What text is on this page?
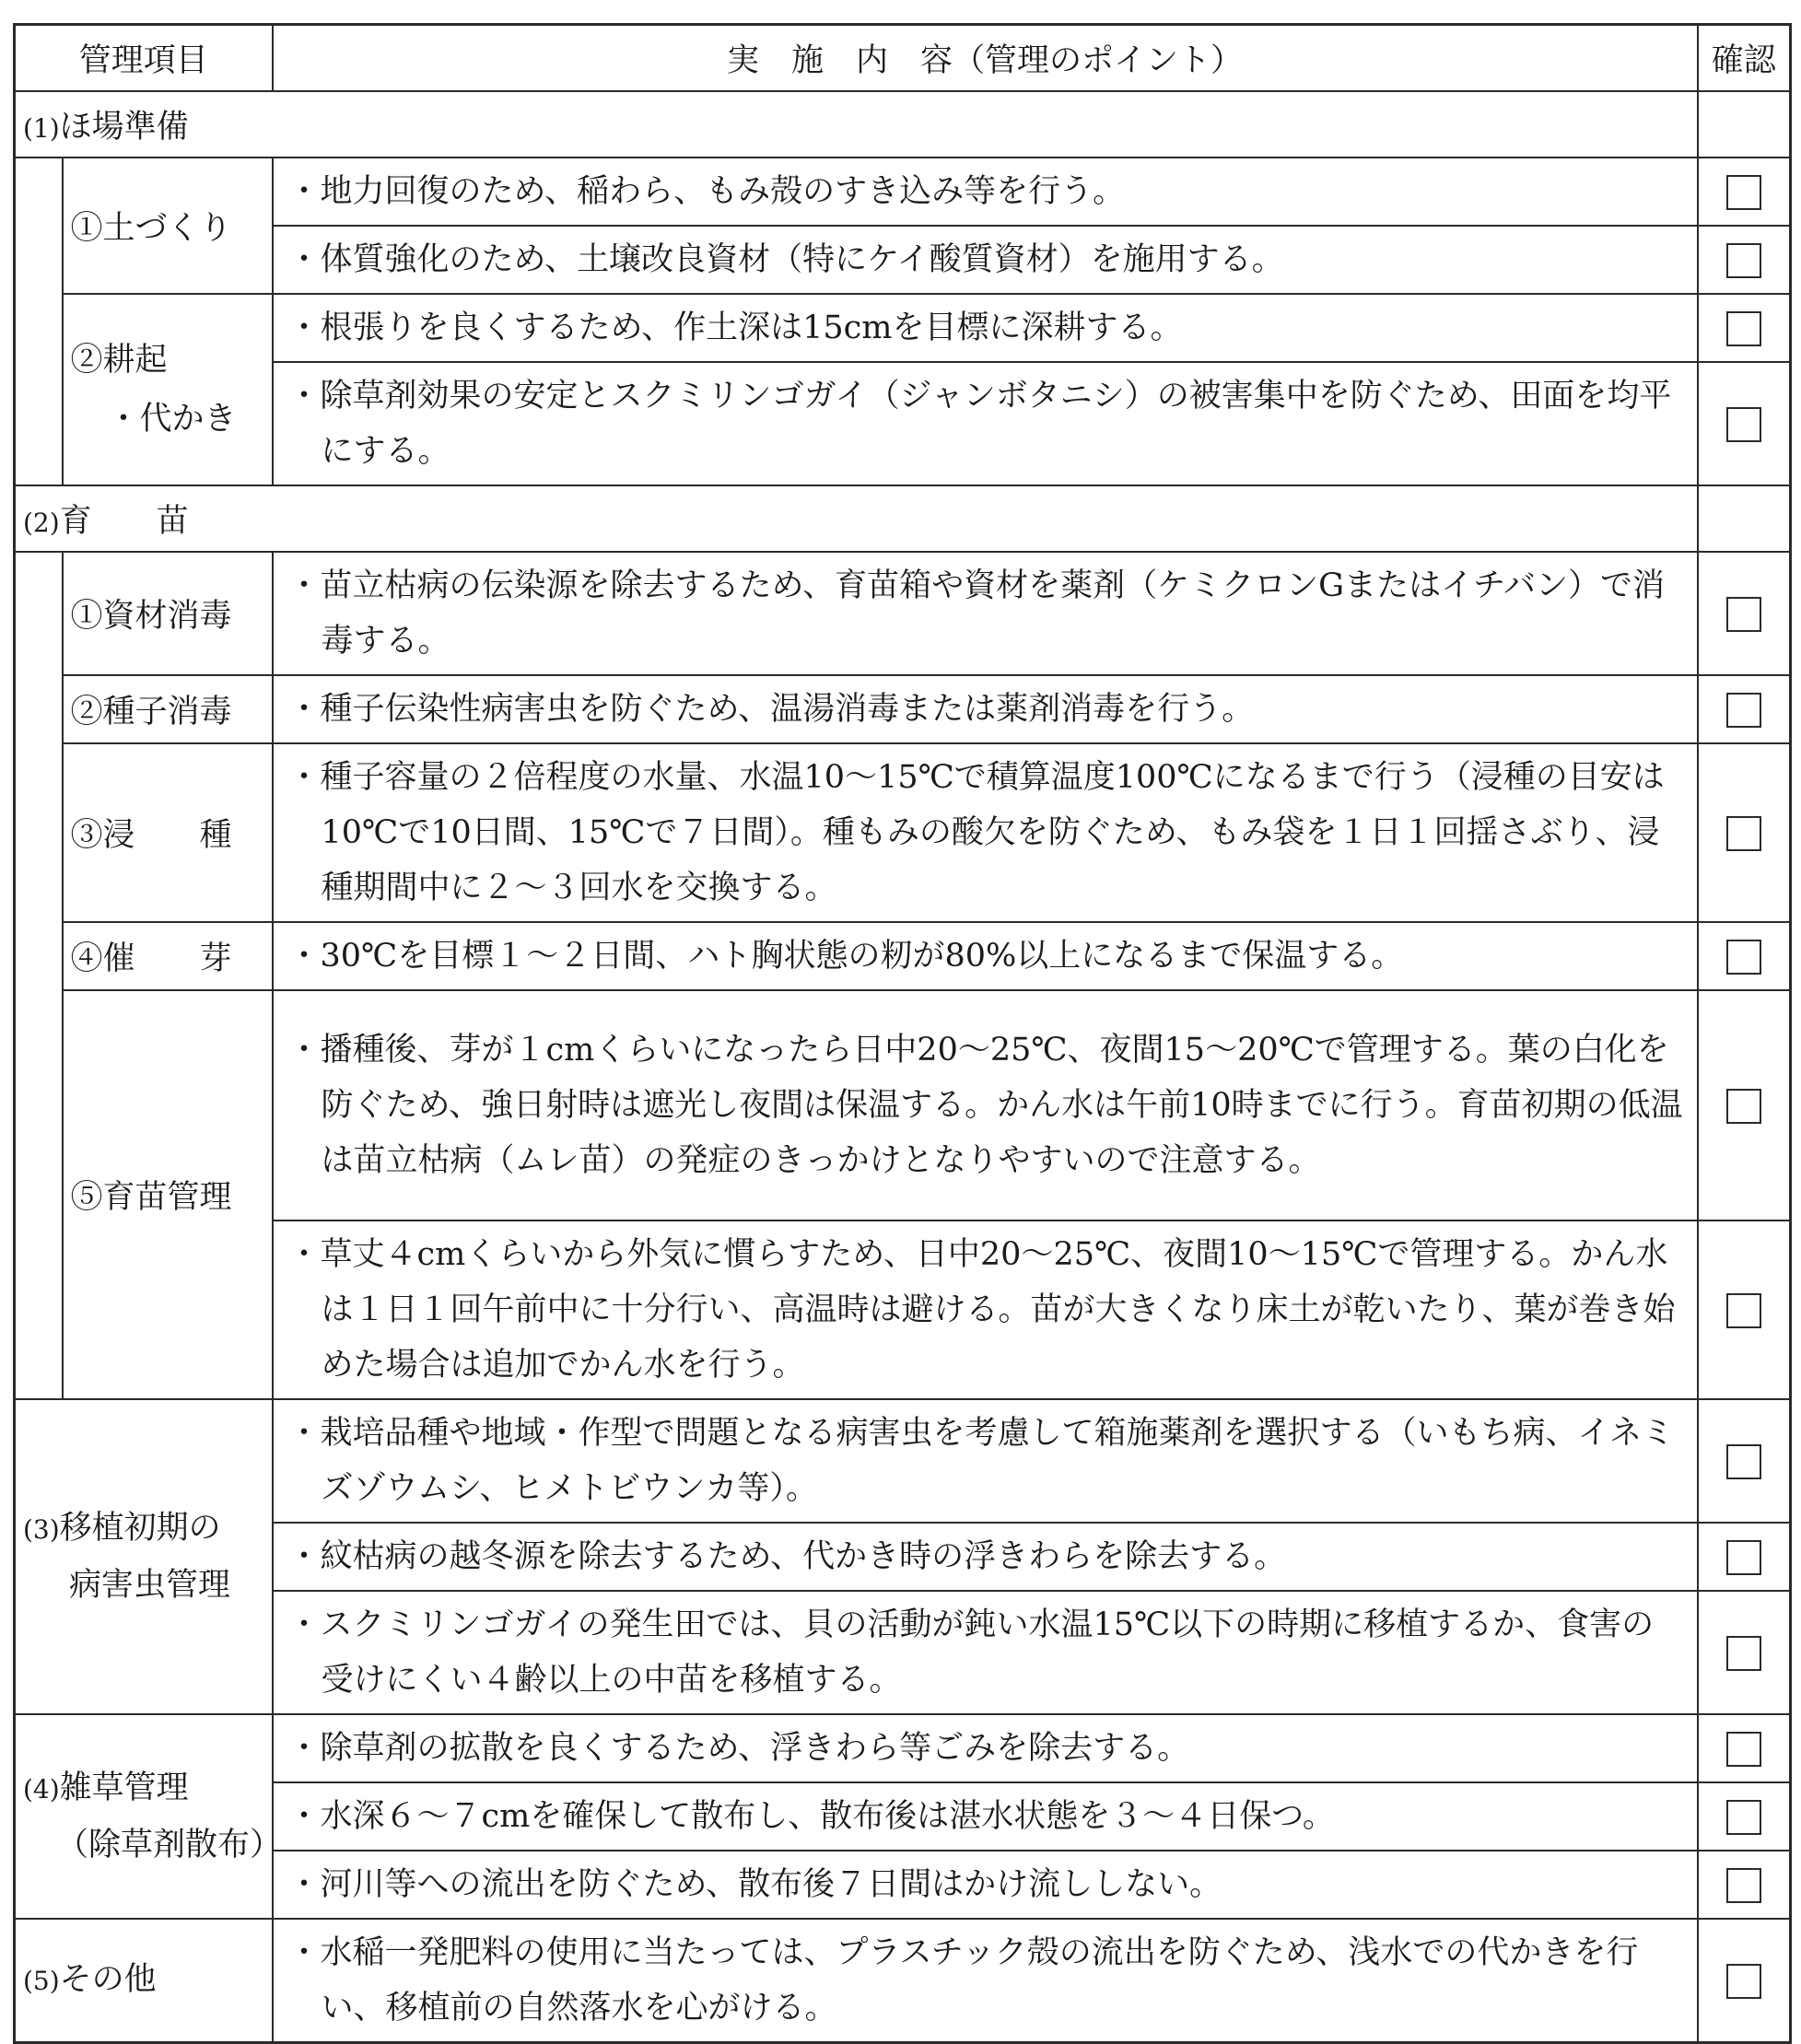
管理項目		実　施　内　容（管理のポイント）	確認
(1)ほ場準備			
	①土づくり	・地力回復のため、稲わら、もみ殻のすき込み等を行う。	

		・体質強化のため、土壌改良資材（特にケイ酸質資材）を施用する。	

	②耕起
・代かき	・根張りを良くするため、作土深は15cmを目標に深耕する。	

		・除草剤効果の安定とスクミリンゴガイ（ジャンボタニシ）の被害集中を防ぐため、田面を均平にする。	

(2)育　　苗			
	①資材消毒	・苗立枯病の伝染源を除去するため、育苗箱や資材を薬剤（ケミクロンGまたはイチバン）で消毒する。	

	②種子消毒	・種子伝染性病害虫を防ぐため、温湯消毒または薬剤消毒を行う。	

	③浸　　種	・種子容量の２倍程度の水量、水温10～15℃で積算温度100℃になるまで行う（浸種の目安は10℃で10日間、15℃で７日間）。種もみの酸欠を防ぐため、もみ袋を１日１回揺さぶり、浸種期間中に２～３回水を交換する。	

	④催　　芽	・30℃を目標１～２日間、ハト胸状態の籾が80%以上になるまで保温する。	

	⑤育苗管理	・播種後、芽が１cmくらいになったら日中20～25℃、夜間15～20℃で管理する。葉の白化を防ぐため、強日射時は遮光し夜間は保温する。かん水は午前10時までに行う。育苗初期の低温は苗立枯病（ムレ苗）の発症のきっかけとなりやすいので注意する。	

		・草丈４cmくらいから外気に慣らすため、日中20～25℃、夜間10～15℃で管理する。かん水は１日１回午前中に十分行い、高温時は避ける。苗が大きくなり床土が乾いたり、葉が巻き始めた場合は追加でかん水を行う。	

(3)移植初期の
病害虫管理		・栽培品種や地域・作型で問題となる病害虫を考慮して箱施薬剤を選択する（いもち病、イネミズゾウムシ、ヒメトビウンカ等）。	

		・紋枯病の越冬源を除去するため、代かき時の浮きわらを除去する。	

		・スクミリンゴガイの発生田では、貝の活動が鈍い水温15℃以下の時期に移植するか、食害の受けにくい４齢以上の中苗を移植する。	

(4)雑草管理
（除草剤散布）		・除草剤の拡散を良くするため、浮きわら等ごみを除去する。	

		・水深６～７cmを確保して散布し、散布後は湛水状態を３～４日保つ。	

		・河川等への流出を防ぐため、散布後７日間はかけ流ししない。	

(5)その他		・水稲一発肥料の使用に当たっては、プラスチック殻の流出を防ぐため、浅水での代かきを行い、移植前の自然落水を心がける。	
